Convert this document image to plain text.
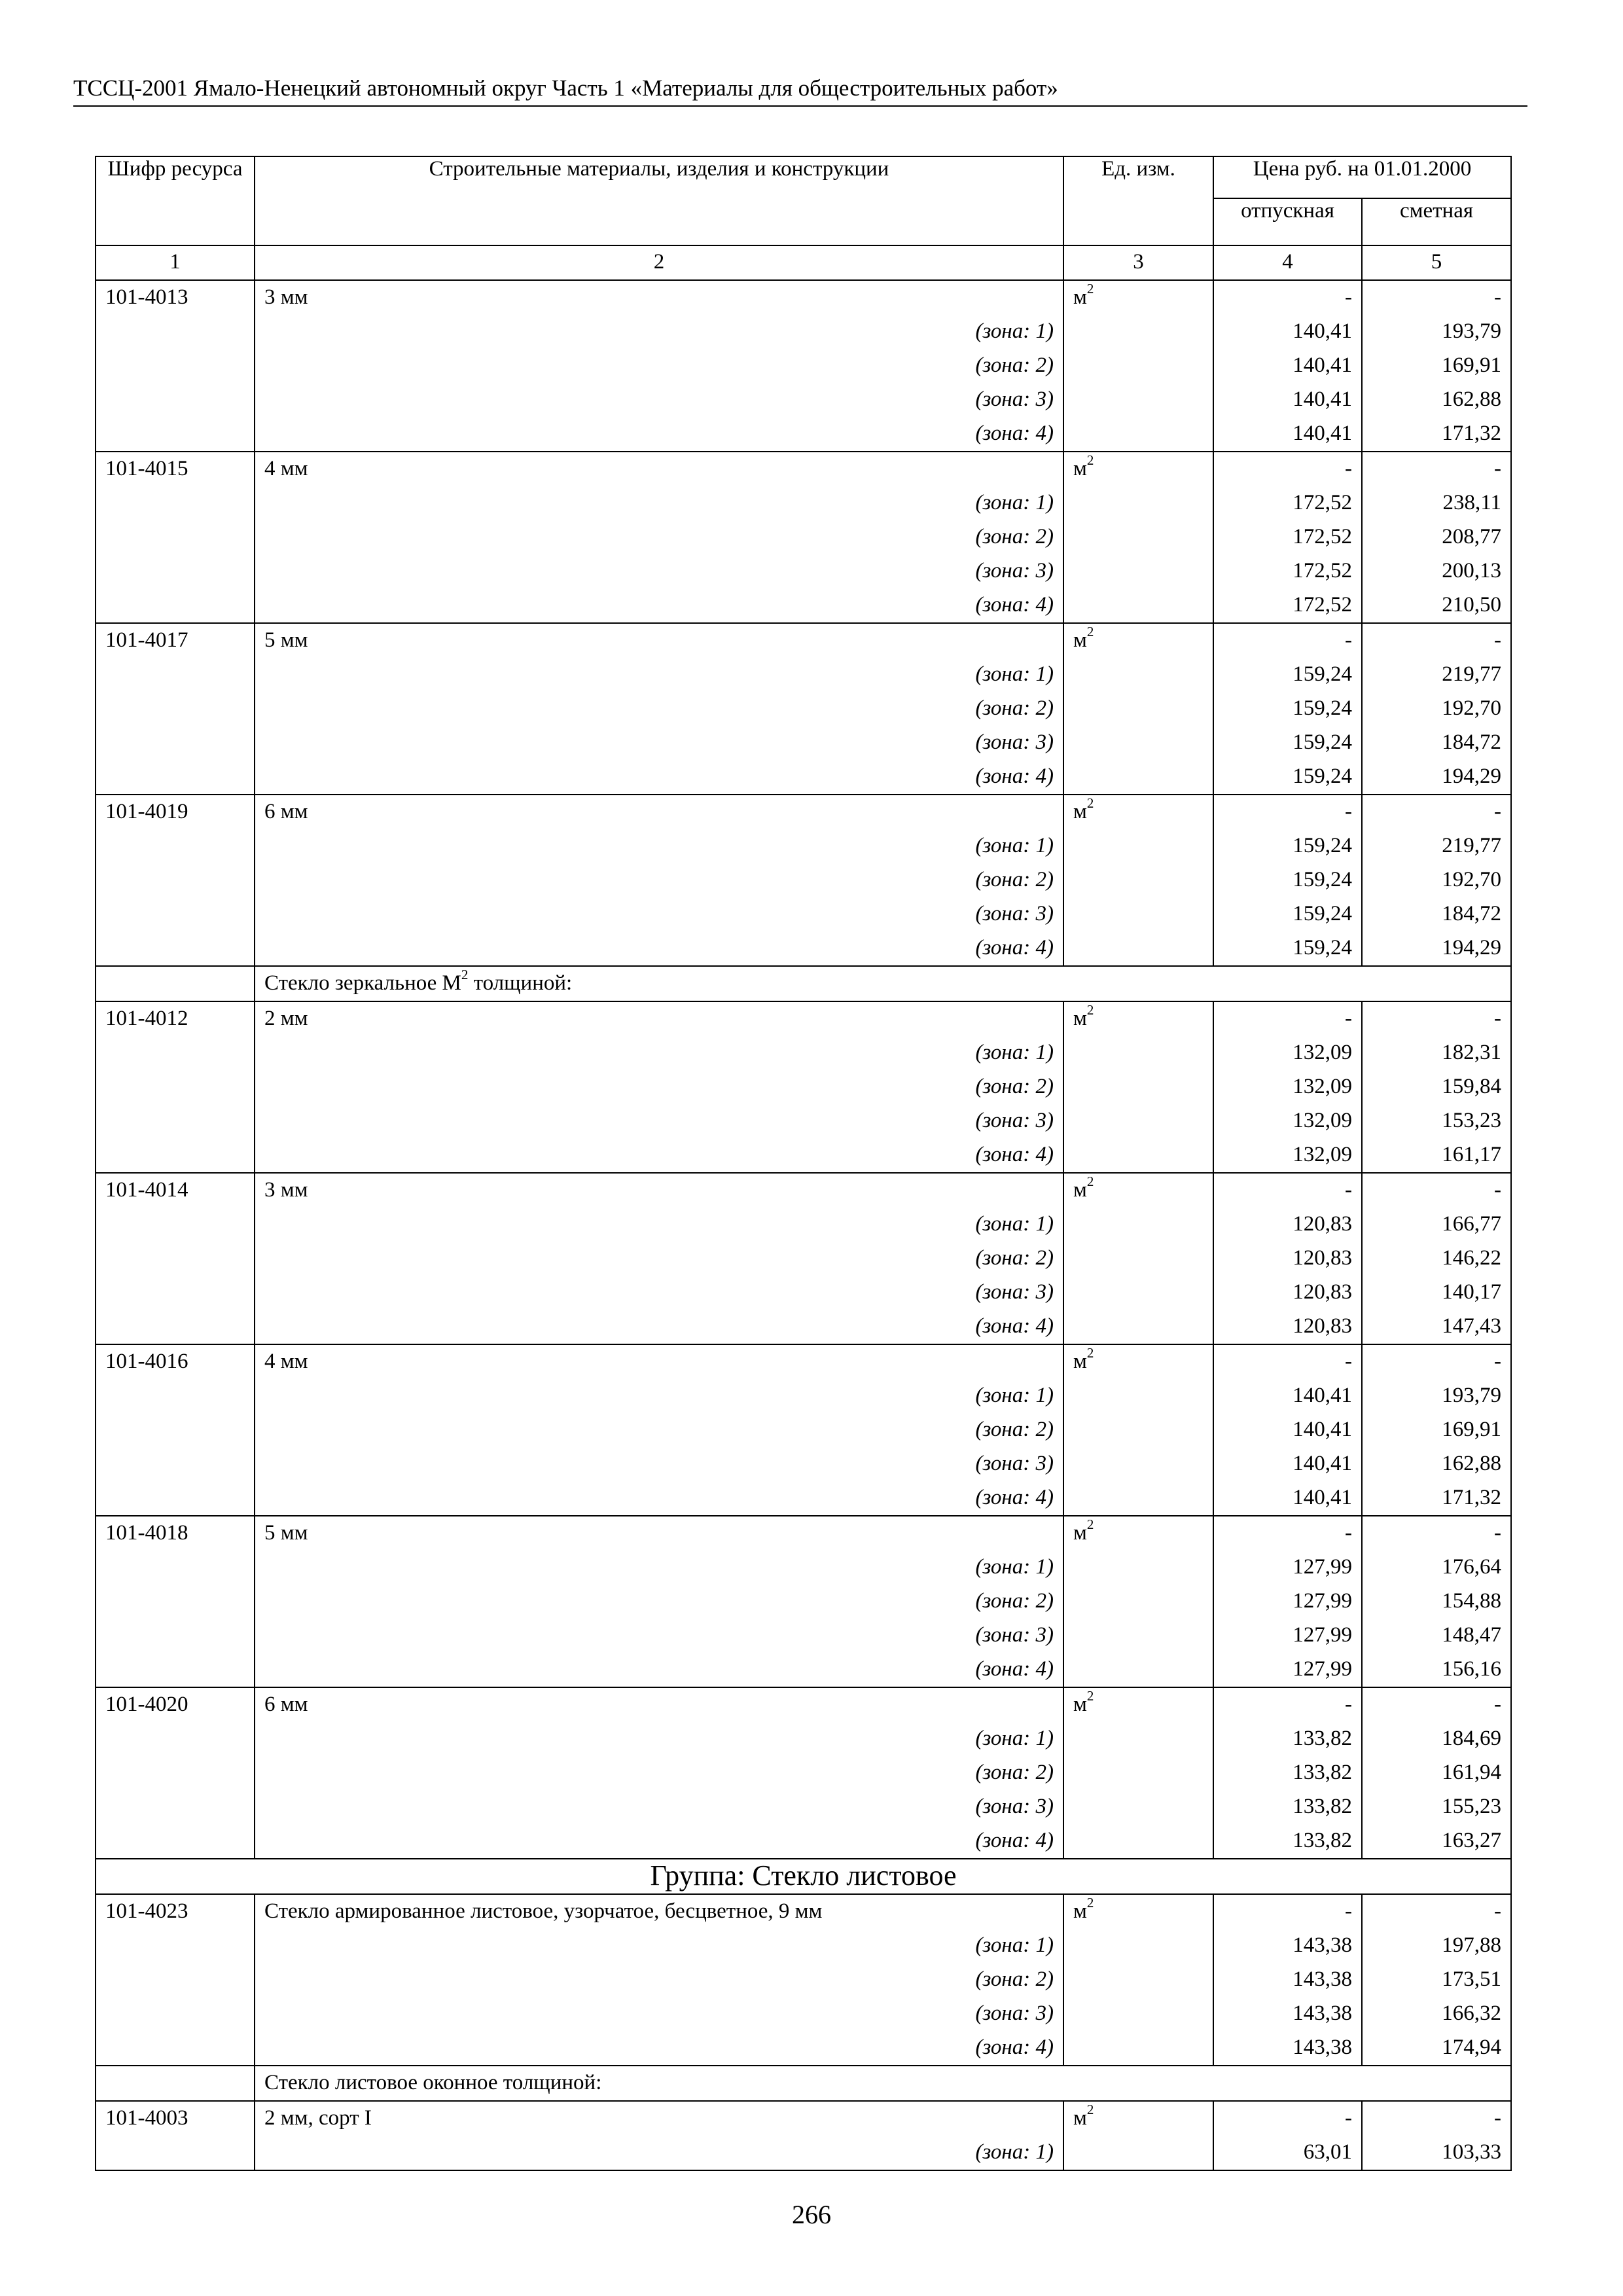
ТССЦ-2001 Ямало-Ненецкий автономный округ Часть 1 «Материалы для общестроительных работ»
Шифр ресурса	Строительные материалы, изделия и конструкции	Ед. изм.	Цена руб. на 01.01.2000	
			отпускная	сметная
1	2	3	4	5
101-4013	3 мм	$м^2$	-	-
	(зона: 1)		140,41	193,79
	(зона: 2)		140,41	169,91
	(зона: 3)		140,41	162,88
	(зона: 4)		140,41	171,32
101-4015	4 мм	$м^2$	-	-
	(зона: 1)		172,52	238,11
	(зона: 2)		172,52	208,77
	(зона: 3)		172,52	200,13
	(зона: 4)		172,52	210,50
101-4017	5 мм	$м^2$	-	-
	(зона: 1)		159,24	219,77
	(зона: 2)		159,24	192,70
	(зона: 3)		159,24	184,72
	(зона: 4)		159,24	194,29
101-4019	6 мм	$м^2$	-	-
	(зона: 1)		159,24	219,77
	(зона: 2)		159,24	192,70
	(зона: 3)		159,24	184,72
	(зона: 4)		159,24	194,29
	Стекло зеркальное $М^2$ толщиной:			
101-4012	2 мм	$м^2$	-	-
	(зона: 1)		132,09	182,31
	(зона: 2)		132,09	159,84
	(зона: 3)		132,09	153,23
	(зона: 4)		132,09	161,17
101-4014	3 мм	$м^2$	-	-
	(зона: 1)		120,83	166,77
	(зона: 2)		120,83	146,22
	(зона: 3)		120,83	140,17
	(зона: 4)		120,83	147,43
101-4016	4 мм	$м^2$	-	-
	(зона: 1)		140,41	193,79
	(зона: 2)		140,41	169,91
	(зона: 3)		140,41	162,88
	(зона: 4)		140,41	171,32
101-4018	5 мм	$м^2$	-	-
	(зона: 1)		127,99	176,64
	(зона: 2)		127,99	154,88
	(зона: 3)		127,99	148,47
	(зона: 4)		127,99	156,16
101-4020	6 мм	$м^2$	-	-
	(зона: 1)		133,82	184,69
	(зона: 2)		133,82	161,94
	(зона: 3)		133,82	155,23
	(зона: 4)		133,82	163,27
Группа: Стекло листовое				
101-4023	Стекло армированное листовое, узорчатое, бесцветное, 9 мм	$м^2$	-	-
	(зона: 1)		143,38	197,88
	(зона: 2)		143,38	173,51
	(зона: 3)		143,38	166,32
	(зона: 4)		143,38	174,94
	Стекло листовое оконное толщиной:			
101-4003	2 мм, сорт I	$м^2$	-	-
	(зона: 1)		63,01	103,33
266
